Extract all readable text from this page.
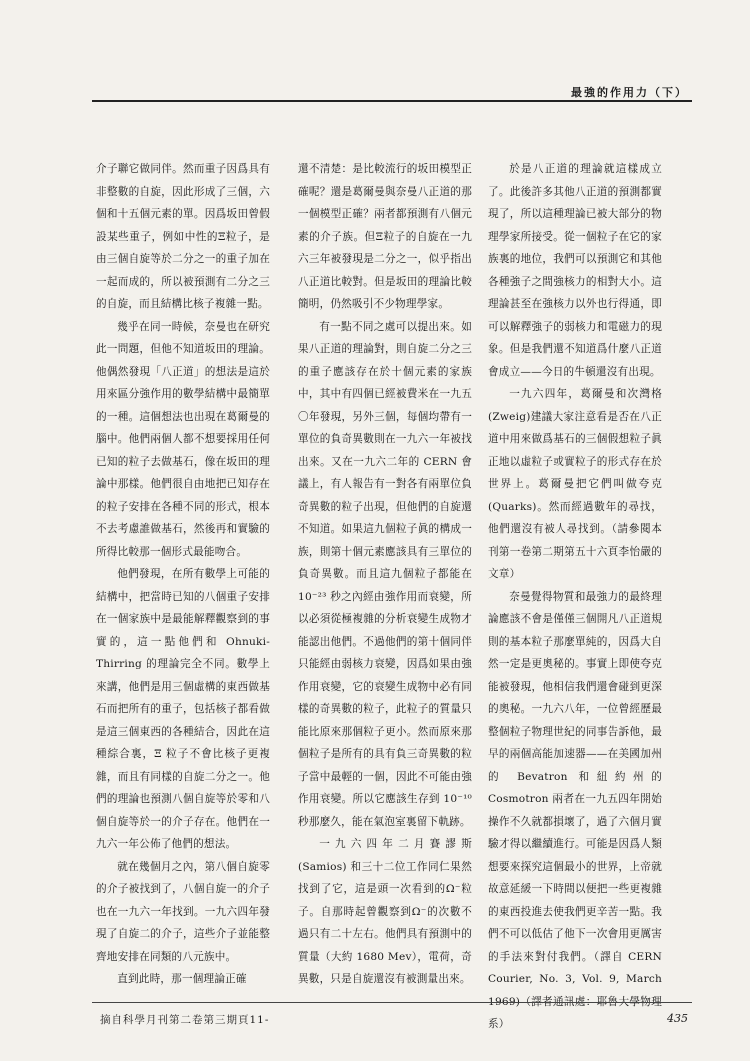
最強的作用力（下）

介子聯它做同伴。然而重子因爲具有非整數的自旋，因此形成了三個，六個和十五個元素的單。因爲坂田曾假設某些重子，例如中性的Ξ粒子，是由三個自旋等於二分之一的重子加在一起而成的，所以被預測有二分之三的自旋，而且結構比核子複雜一點。

幾乎在同一時候，奈曼也在研究此一問題，但他不知道坂田的理論。他偶然發現「八正道」的想法是這於用來區分強作用的數學結構中最簡單的一種。這個想法也出現在葛爾曼的腦中。他們兩個人都不想要採用任何已知的粒子去做基石，像在坂田的理論中那樣。他們很自由地把已知存在的粒子安排在各種不同的形式，根本不去考慮誰做基石，然後再和實驗的所得比較那一個形式最能吻合。

他們發現，在所有數學上可能的結構中，把當時已知的八個重子安排在一個家族中是最能解釋觀察到的事實的，這一點他們和 Ohnuki-Thirring 的理論完全不同。數學上來講，他們是用三個虛構的東西做基石而把所有的重子，包括核子都看做是這三個東西的各種結合，因此在這種綜合裏，Ξ 粒子不會比核子更複雜，而且有同樣的自旋二分之一。他們的理論也預測八個自旋等於零和八個自旋等於一的介子存在。他們在一九六一年公佈了他們的想法。

就在幾個月之內，第八個自旋零的介子被找到了，八個自旋一的介子也在一九六一年找到。一九六四年發現了自旋二的介子，這些介子並能整齊地安排在同類的八元族中。

直到此時，那一個理論正確

還不清楚：是比較流行的坂田模型正確呢？還是葛爾曼與奈曼八正道的那一個模型正確？兩者都預測有八個元素的介子族。但Ξ粒子的自旋在一九六三年被發現是二分之一，似乎指出八正道比較對。但是坂田的理論比較簡明，仍然吸引不少物理學家。

有一點不同之處可以提出來。如果八正道的理論對，則自旋二分之三的重子應該存在於十個元素的家族中，其中有四個已經被費米在一九五〇年發現，另外三個，每個均帶有一單位的負奇異數則在一九六一年被找出來。又在一九六二年的 CERN 會議上，有人報告有一對各有兩單位負奇異數的粒子出現，但他們的自旋還不知道。如果這九個粒子眞的構成一族，則第十個元素應該具有三單位的負奇異數。而且這九個粒子都能在 10⁻²³ 秒之內經由強作用而衰變，所以必須從極複雜的分析衰變生成物才能認出他們。不過他們的第十個同伴只能經由弱核力衰變，因爲如果由強作用衰變，它的衰變生成物中必有同樣的奇異數的粒子，此粒子的質量只能比原來那個粒子更小。然而原來那個粒子是所有的具有負三奇異數的粒子當中最輕的一個，因此不可能由強作用衰變。所以它應該生存到 10⁻¹⁰ 秒那麼久，能在氣泡室裏留下軌跡。

一九六四年二月賽謬斯(Samios) 和三十二位工作同仁果然找到了它，這是頭一次看到的Ω⁻粒子。自那時起曾觀察到Ω⁻的次數不過只有二十左右。他們具有預測中的質量（大約 1680 Mev），電荷，奇異數，只是自旋還沒有被測量出來。

於是八正道的理論就這樣成立了。此後許多其他八正道的預測都實現了，所以這種理論已被大部分的物理學家所接受。從一個粒子在它的家族裏的地位，我們可以預測它和其他各種強子之間強核力的相對大小。這理論甚至在強核力以外也行得通，即可以解釋強子的弱核力和電磁力的現象。但是我們還不知道爲什麼八正道會成立——今日的牛頓還沒有出現。

一九六四年，葛爾曼和次灣格(Zweig)建議大家注意看是否在八正道中用來做爲基石的三個假想粒子眞正地以虛粒子或實粒子的形式存在於世界上。葛爾曼把它們叫做夸克 (Quarks)。然而經過數年的尋找，他們還沒有被人尋找到。（請參閱本刊第一卷第二期第五十六頁李怡嚴的文章）

奈曼覺得物質和最強力的最終理論應該不會是僅僅三個開凡八正道規則的基本粒子那麼單純的，因爲大自然一定是更奧秘的。事實上即使夸克能被發現，他相信我們還會碰到更深的奧秘。一九六八年，一位曾經歷最整個粒子物理世紀的同事告訴他，最早的兩個高能加速器——在美國加州的 Bevatron 和紐約州的 Cosmotron 兩者在一九五四年開始操作不久就都損壞了，過了六個月實驗才得以繼續進行。可能是因爲人類想要來探究這個最小的世界，上帝就故意延緩一下時間以便把一些更複雜的東西投進去使我們更辛苦一點。我們不可以低估了他下一次會用更厲害的手法來對付我們。（譯自 CERN Courier, No. 3, Vol. 9, March 1969)（譯者通訊處：耶魯大學物理系）

摘自科學月刊第二卷第三期頁11-	435
